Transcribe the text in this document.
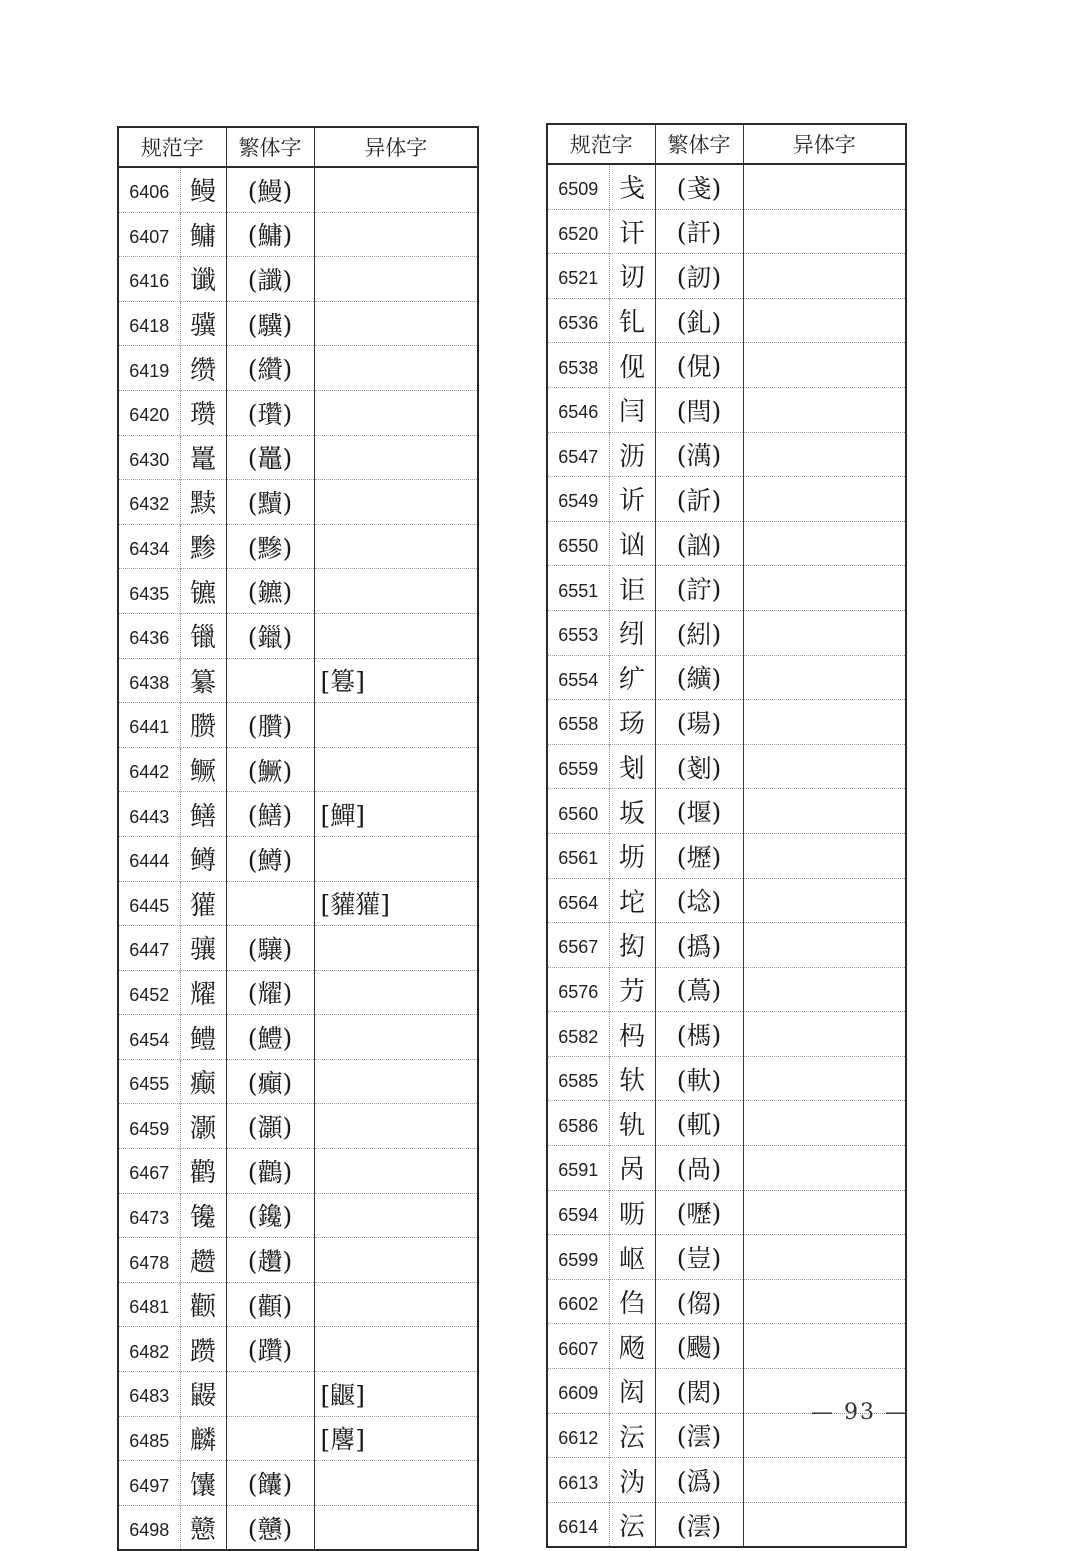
规范字		繁体字	异体字
6406	鳗	(鰻)	
6407	鳙	(鱅)	
6416	谶	(讖)	
6418	骥	(驥)	
6419	缵	(纘)	
6420	瓒	(瓚)	
6430	鼍	(鼉)	
6432	黩	(黷)	
6434	黪	(黲)	
6435	镳	(鑣)	
6436	镴	(鑞)	
6438	纂		[篹]
6441	臜	(臢)	
6442	鳜	(鱖)	
6443	鳝	(鱔)	[鱓]
6444	鳟	(鱒)	
6445	獾		[貛獾]
6447	骧	(驤)	
6452	耀	(耀)	
6454	鳢	(鱧)	
6455	癫	(癲)	
6459	灏	(灝)	
6467	鹳	(鸛)	
6473	镵	(鑱)	
6478	趱	(趲)	
6481	颧	(顴)	
6482	躜	(躦)	
6483	鼹		[鼴]
6485	麟		[麐]
6497	馕	(饢)	
6498	戆	(戇)	
规范字		繁体字	异体字
6509	戋	(戔)	
6520	讦	(訐)	
6521	讱	(訒)	
6536	钆	(釓)	
6538	伣	(俔)	
6546	闫	(閆)	
6547	沥	(澫)	
6549	䜣	(訢)	
6550	讻	(訩)	
6551	讵	(詝)	
6553	纼	(紖)	
6554	纩	(纊)	
6558	玚	(瑒)	
6559	刬	(剗)	
6560	坂	(堰)	
6561	坜	(壢)	
6564	坨	(埝)	
6567	抝	(撝)	
6576	芀	(蔦)	
6582	杩	(榪)	
6585	轪	(軑)	
6586	轨	(軏)	
6591	呙	(咼)	
6594	呖	(嚦)	
6599	岖	(豈)	
6602	㑇	(㑳)	
6607	飏	(颺)	
6609	闳	(閎)	
6612	沄	(澐)	
6613	沩	(潙)	
6614	沄	(澐)	
— 93 —
